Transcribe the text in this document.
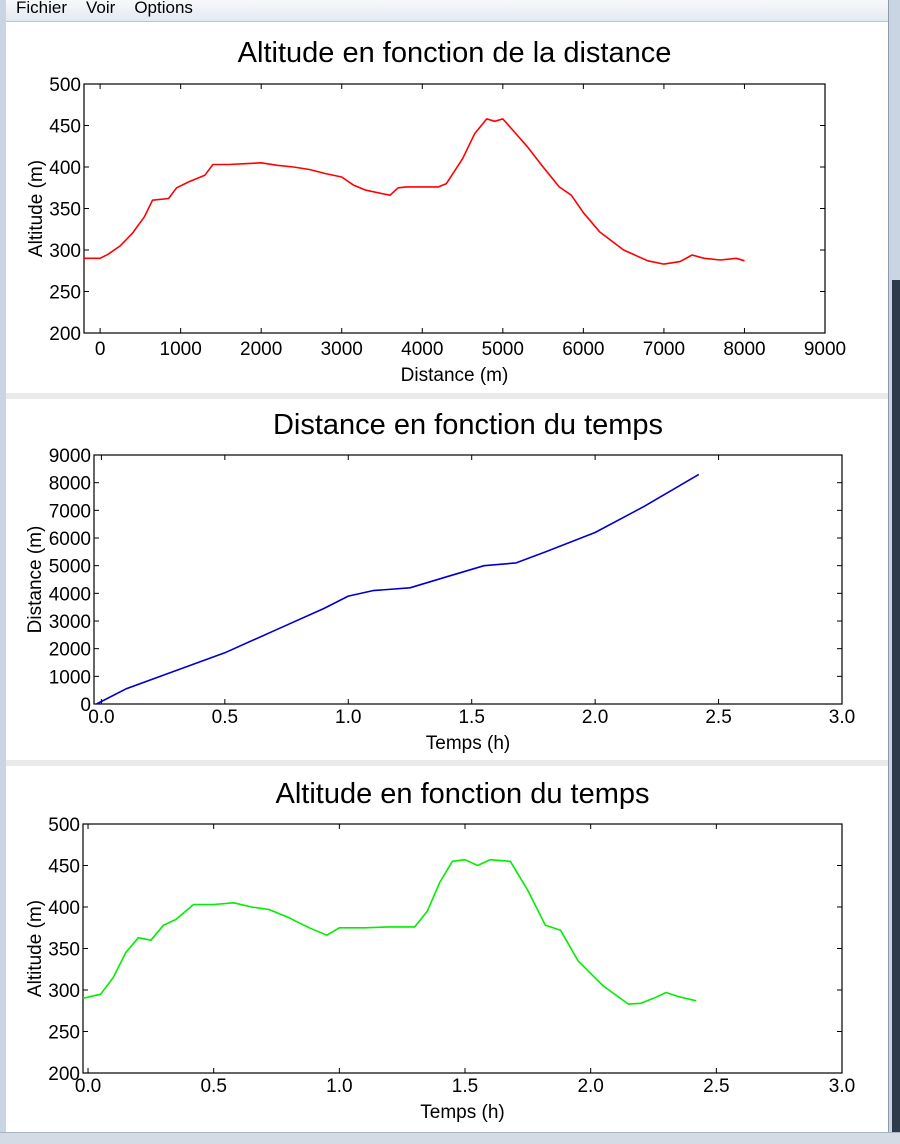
Fichier	Voir	Options
Altitude en fonction de la distance
200
250
300
350
400
450
500
0	1000 2000 3000 4000 5000 6000 7000 8000 9000
Distance (m)
Altitude (m)
Distance en fonction du temps
0
1000
2000
3000
4000
5000
6000
7000
8000
9000
0.0	0.5	1.0	1.5	2.0	2.5	3.0
Temps (h)
Distance (m)
Altitude en fonction du temps
200
250
300
350
400
450
500
0.0	0.5	1.0	1.5	2.0	2.5	3.0
Temps (h)
Altitude (m)
